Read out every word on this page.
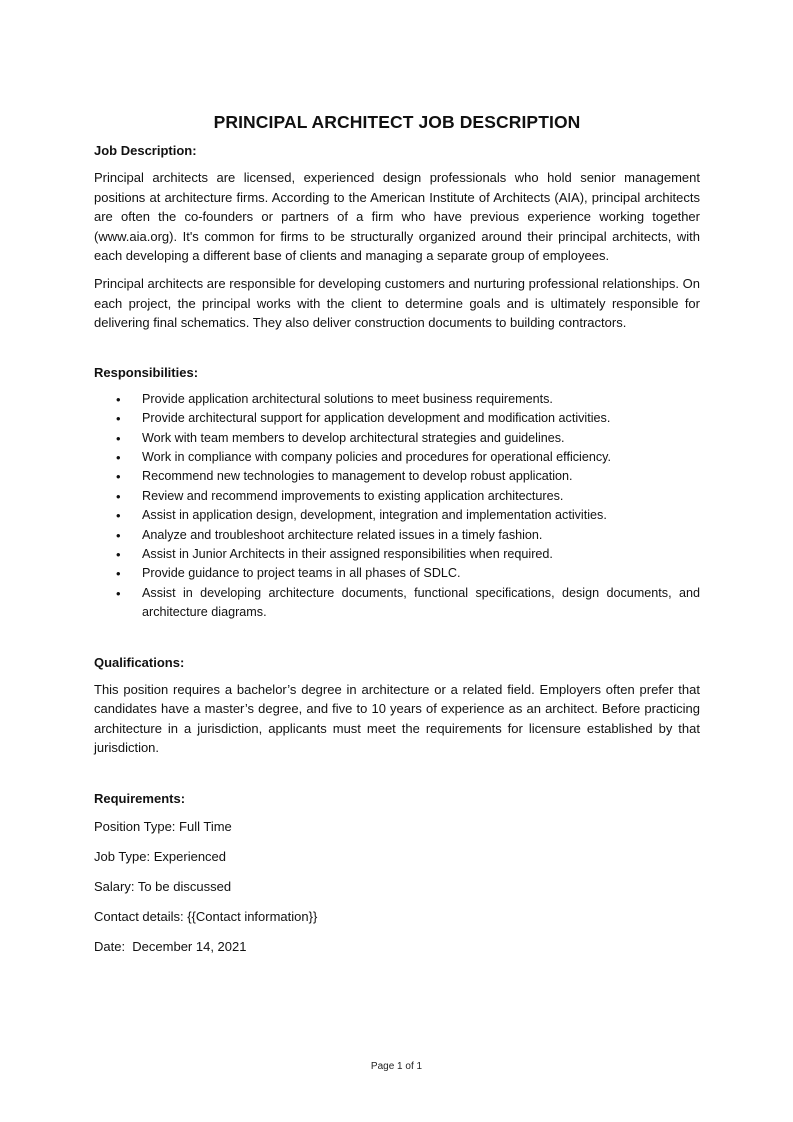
PRINCIPAL ARCHITECT JOB DESCRIPTION

Job Description:

Principal architects are licensed, experienced design professionals who hold senior management positions at architecture firms. According to the American Institute of Architects (AIA), principal architects are often the co-founders or partners of a firm who have previous experience working together (www.aia.org). It's common for firms to be structurally organized around their principal architects, with each developing a different base of clients and managing a separate group of employees.

Principal architects are responsible for developing customers and nurturing professional relationships. On each project, the principal works with the client to determine goals and is ultimately responsible for delivering final schematics. They also deliver construction documents to building contractors.

Responsibilities:

• Provide application architectural solutions to meet business requirements.
• Provide architectural support for application development and modification activities.
• Work with team members to develop architectural strategies and guidelines.
• Work in compliance with company policies and procedures for operational efficiency.
• Recommend new technologies to management to develop robust application.
• Review and recommend improvements to existing application architectures.
• Assist in application design, development, integration and implementation activities.
• Analyze and troubleshoot architecture related issues in a timely fashion.
• Assist in Junior Architects in their assigned responsibilities when required.
• Provide guidance to project teams in all phases of SDLC.
• Assist in developing architecture documents, functional specifications, design documents, and architecture diagrams.

Qualifications:

This position requires a bachelor’s degree in architecture or a related field. Employers often prefer that candidates have a master’s degree, and five to 10 years of experience as an architect. Before practicing architecture in a jurisdiction, applicants must meet the requirements for licensure established by that jurisdiction.

Requirements:

Position Type: Full Time

Job Type: Experienced

Salary: To be discussed

Contact details: {{Contact information}}

Date:  December 14, 2021

Page 1 of 1
